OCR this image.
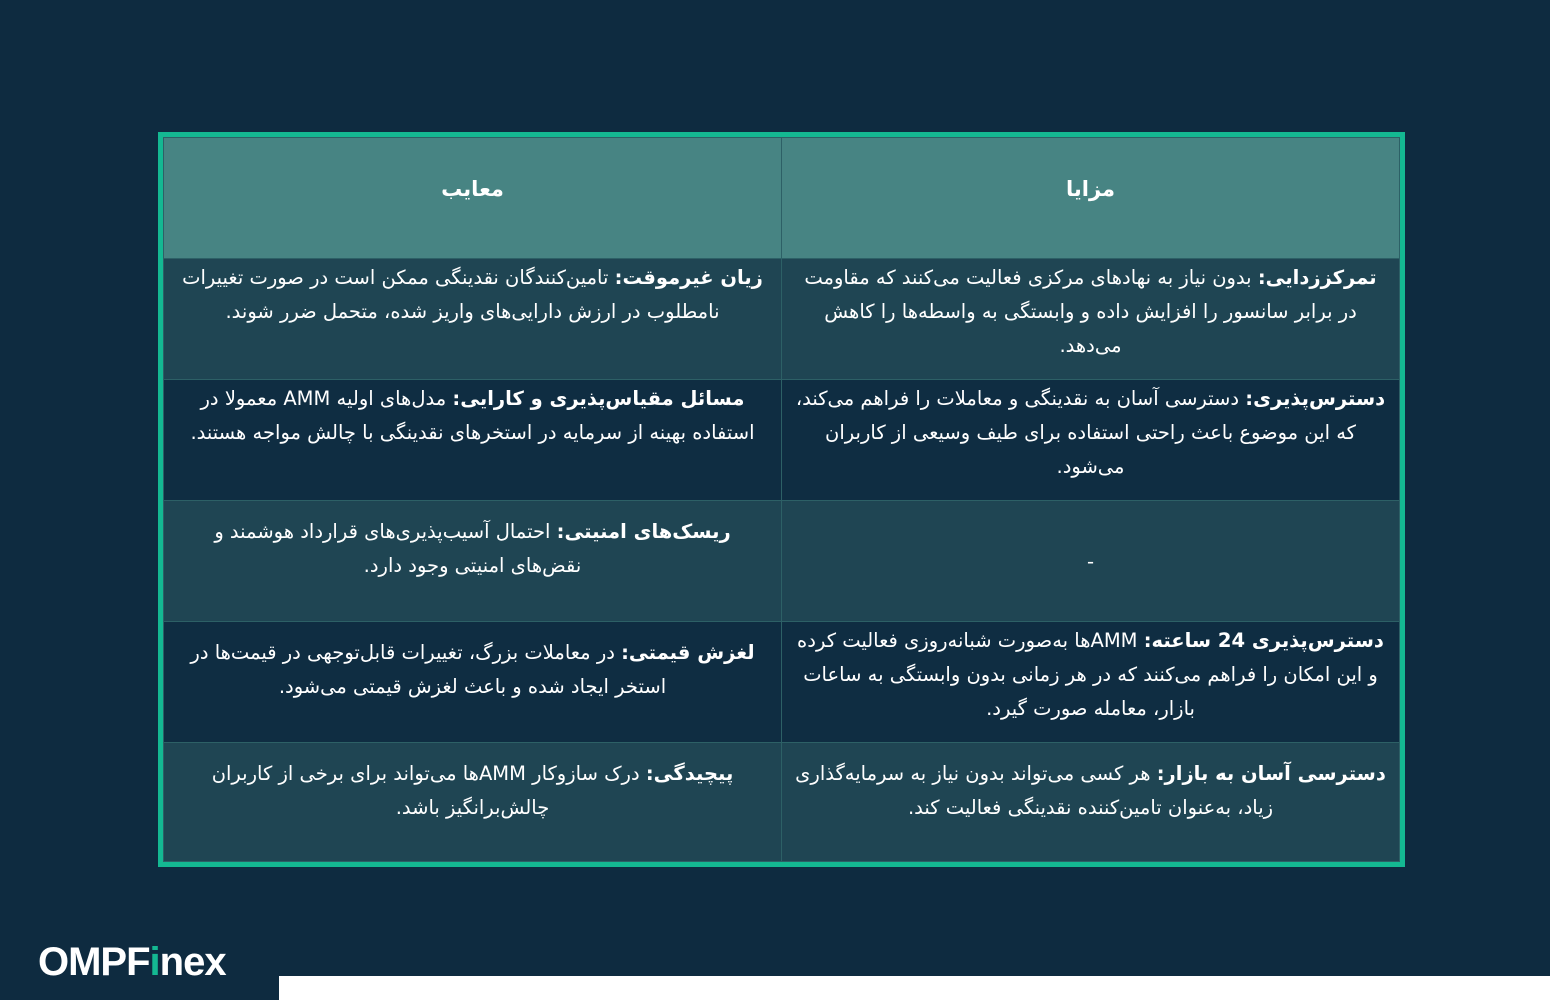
مزایا	معایب
تمرکززدایی: بدون نیاز به نهادهای مرکزی فعالیت می‌کنند که مقاومت در برابر سانسور را افزایش داده و وابستگی به واسطه‌ها را کاهش می‌دهد.	زیان غیرموقت: تامین‌کنندگان نقدینگی ممکن است در صورت تغییرات نامطلوب در ارزش دارایی‌های واریز شده، متحمل ضرر شوند.
دسترس‌پذیری: دسترسی آسان به نقدینگی و معاملات را فراهم می‌کند، که این موضوع باعث راحتی استفاده برای طیف وسیعی از کاربران می‌شود.	مسائل مقیاس‌پذیری و کارایی: مدل‌های اولیه AMM معمولا در استفاده بهینه از سرمایه در استخرهای نقدینگی با چالش مواجه هستند.
-	ریسک‌های امنیتی: احتمال آسیب‌پذیری‌های قرارداد هوشمند و نقض‌های امنیتی وجود دارد.
دسترس‌پذیری 24 ساعته: AMMها به‌صورت شبانه‌روزی فعالیت کرده و این امکان را فراهم می‌کنند که در هر زمانی بدون وابستگی به ساعات بازار، معامله صورت گیرد.	لغزش قیمتی: در معاملات بزرگ، تغییرات قابل‌توجهی در قیمت‌ها در استخر ایجاد شده و باعث لغزش قیمتی می‌شود.
دسترسی آسان به بازار: هر کسی می‌تواند بدون نیاز به سرمایه‌گذاری زیاد، به‌عنوان تامین‌کننده نقدینگی فعالیت کند.	پیچیدگی: درک سازوکار AMMها می‌تواند برای برخی از کاربران چالش‌برانگیز باشد.
OMPFinex
